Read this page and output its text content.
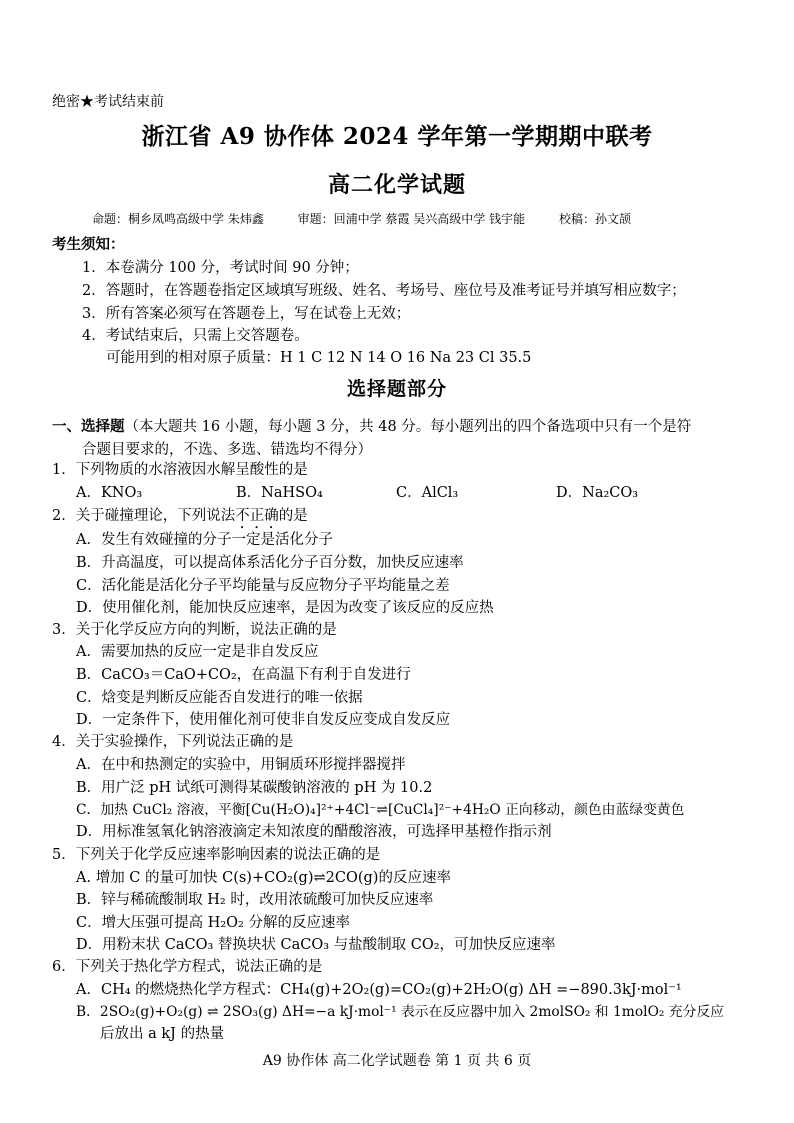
绝密★考试结束前
浙江省 A9 协作体 2024 学年第一学期期中联考
高二化学试题
命题：桐乡凤鸣高级中学 朱炜鑫	审题：回浦中学 蔡霞 吴兴高级中学 钱宇能	校稿：孙文颉
考生须知：
1．本卷满分 100 分，考试时间 90 分钟；
2．答题时，在答题卷指定区域填写班级、姓名、考场号、座位号及准考证号并填写相应数字；
3．所有答案必须写在答题卷上，写在试卷上无效；
4．考试结束后，只需上交答题卷。
可能用到的相对原子质量：H 1 C 12 N 14 O 16 Na 23 Cl 35.5
选择题部分
一、选择题（本大题共 16 小题，每小题 3 分，共 48 分。每小题列出的四个备选项中只有一个是符
合题目要求的，不选、多选、错选均不得分）
1．下列物质的水溶液因水解呈酸性的是
A．KNO₃	B．NaHSO₄	C．AlCl₃	D．Na₂CO₃
2．关于碰撞理论，下列说法不正确的是
A．发生有效碰撞的分子一定是活化分子
B．升高温度，可以提高体系活化分子百分数，加快反应速率
C．活化能是活化分子平均能量与反应物分子平均能量之差
D．使用催化剂，能加快反应速率，是因为改变了该反应的反应热
3．关于化学反应方向的判断，说法正确的是
A．需要加热的反应一定是非自发反应
B．CaCO₃＝CaO+CO₂，在高温下有利于自发进行
C．焓变是判断反应能否自发进行的唯一依据
D．一定条件下，使用催化剂可使非自发反应变成自发反应
4．关于实验操作，下列说法正确的是
A．在中和热测定的实验中，用铜质环形搅拌器搅拌
B．用广泛 pH 试纸可测得某碳酸钠溶液的 pH 为 10.2
C．加热 CuCl₂ 溶液，平衡[Cu(H₂O)₄]²⁺+4Cl⁻⇌[CuCl₄]²⁻+4H₂O 正向移动，颜色由蓝绿变黄色
D．用标准氢氧化钠溶液滴定未知浓度的醋酸溶液，可选择甲基橙作指示剂
5．下列关于化学反应速率影响因素的说法正确的是
A. 增加 C 的量可加快 C(s)+CO₂(g)⇌2CO(g)的反应速率
B．锌与稀硫酸制取 H₂ 时，改用浓硫酸可加快反应速率
C．增大压强可提高 H₂O₂ 分解的反应速率
D．用粉末状 CaCO₃ 替换块状 CaCO₃ 与盐酸制取 CO₂，可加快反应速率
6．下列关于热化学方程式，说法正确的是
A．CH₄ 的燃烧热化学方程式：CH₄(g)+2O₂(g)=CO₂(g)+2H₂O(g) ΔH =−890.3kJ·mol⁻¹
B．2SO₂(g)+O₂(g) ⇌ 2SO₃(g) ΔH=−a kJ·mol⁻¹ 表示在反应器中加入 2molSO₂ 和 1molO₂ 充分反应
后放出 a kJ 的热量
A9 协作体 高二化学试题卷 第 1 页 共 6 页
